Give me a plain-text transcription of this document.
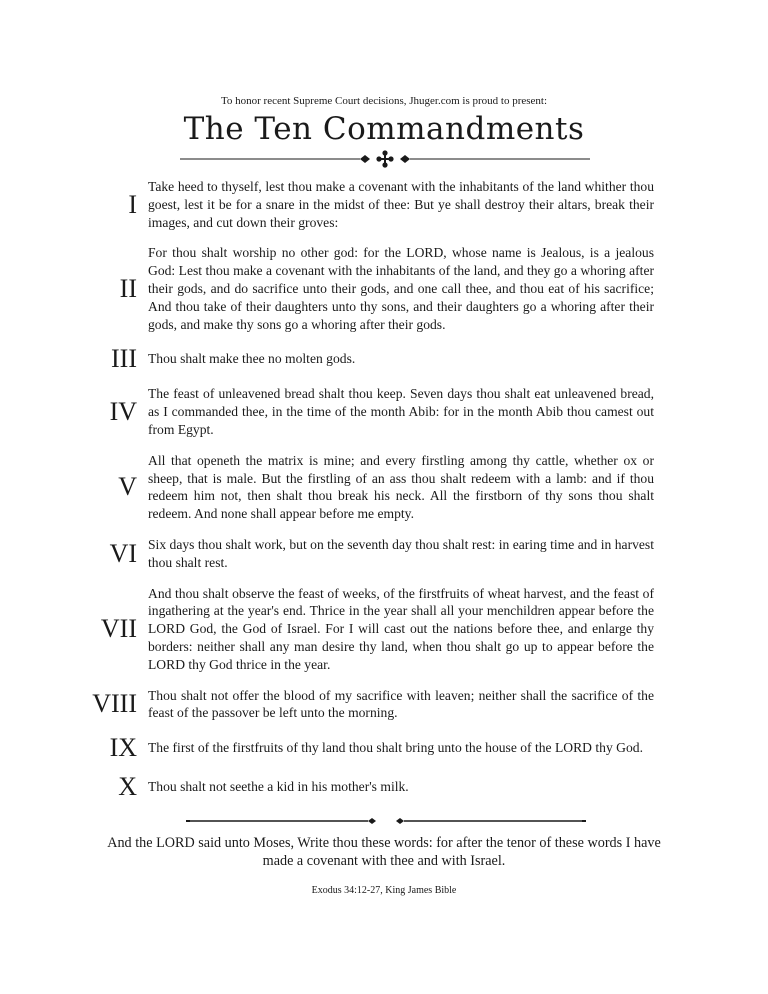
To honor recent Supreme Court decisions, Jhuger.com is proud to present:
The Ten Commandments
I
Take heed to thyself, lest thou make a covenant with the inhabitants of the land whither thou goest, lest it be for a snare in the midst of thee: But ye shall destroy their altars, break their images, and cut down their groves:
II
For thou shalt worship no other god: for the LORD, whose name is Jealous, is a jealous God: Lest thou make a covenant with the inhabitants of the land, and they go a whoring after their gods, and do sacrifice unto their gods, and one call thee, and thou eat of his sacrifice; And thou take of their daughters unto thy sons, and their daughters go a whoring after their gods, and make thy sons go a whoring after their gods.
III Thou shalt make thee no molten gods.
IV
The feast of unleavened bread shalt thou keep. Seven days thou shalt eat unleavened bread, as I commanded thee, in the time of the month Abib: for in the month Abib thou camest out from Egypt.
V
All that openeth the matrix is mine; and every firstling among thy cattle, whether ox or sheep, that is male. But the firstling of an ass thou shalt redeem with a lamb: and if thou redeem him not, then shalt thou break his neck. All the firstborn of thy sons thou shalt redeem. And none shall appear before me empty.
VI Six days thou shalt work, but on the seventh day thou shalt rest: in earing time and in harvest thou shalt rest.
VII
And thou shalt observe the feast of weeks, of the firstfruits of wheat harvest, and the feast of ingathering at the year's end. Thrice in the year shall all your menchildren appear before the LORD God, the God of Israel. For I will cast out the nations before thee, and enlarge thy borders: neither shall any man desire thy land, when thou shalt go up to appear before the LORD thy God thrice in the year.
VIII Thou shalt not offer the blood of my sacrifice with leaven; neither shall the sacrifice of the feast of the passover be left unto the morning.
IX The first of the firstfruits of thy land thou shalt bring unto the house of the LORD thy God.
X Thou shalt not seethe a kid in his mother's milk.
And the LORD said unto Moses, Write thou these words: for after the tenor of these words I have made a covenant with thee and with Israel.
Exodus 34:12-27, King James Bible
